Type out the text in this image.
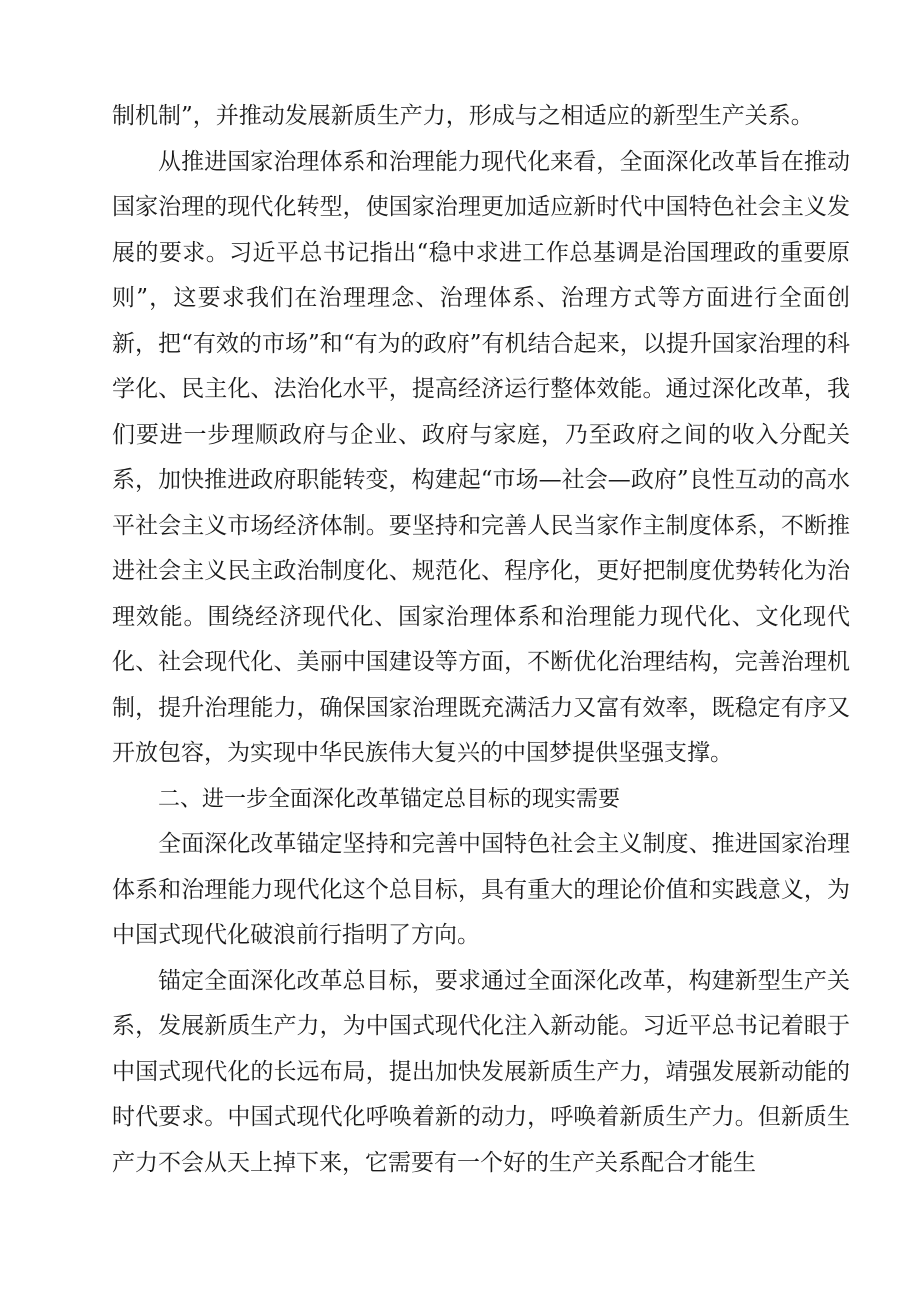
制机制”，并推动发展新质生产力，形成与之相适应的新型生产关系。

从推进国家治理体系和治理能力现代化来看，全面深化改革旨在推动国家治理的现代化转型，使国家治理更加适应新时代中国特色社会主义发展的要求。习近平总书记指出“稳中求进工作总基调是治国理政的重要原则”，这要求我们在治理理念、治理体系、治理方式等方面进行全面创新，把“有效的市场”和“有为的政府”有机结合起来，以提升国家治理的科学化、民主化、法治化水平，提高经济运行整体效能。通过深化改革，我们要进一步理顺政府与企业、政府与家庭，乃至政府之间的收入分配关系，加快推进政府职能转变，构建起“市场—社会—政府”良性互动的高水平社会主义市场经济体制。要坚持和完善人民当家作主制度体系，不断推进社会主义民主政治制度化、规范化、程序化，更好把制度优势转化为治理效能。围绕经济现代化、国家治理体系和治理能力现代化、文化现代化、社会现代化、美丽中国建设等方面，不断优化治理结构，完善治理机制，提升治理能力，确保国家治理既充满活力又富有效率，既稳定有序又开放包容，为实现中华民族伟大复兴的中国梦提供坚强支撑。

二、进一步全面深化改革锚定总目标的现实需要

全面深化改革锚定坚持和完善中国特色社会主义制度、推进国家治理体系和治理能力现代化这个总目标，具有重大的理论价值和实践意义，为中国式现代化破浪前行指明了方向。

锚定全面深化改革总目标，要求通过全面深化改革，构建新型生产关系，发展新质生产力，为中国式现代化注入新动能。习近平总书记着眼于中国式现代化的长远布局，提出加快发展新质生产力，靖强发展新动能的时代要求。中国式现代化呼唤着新的动力，呼唤着新质生产力。但新质生产力不会从天上掉下来，它需要有一个好的生产关系配合才能生
